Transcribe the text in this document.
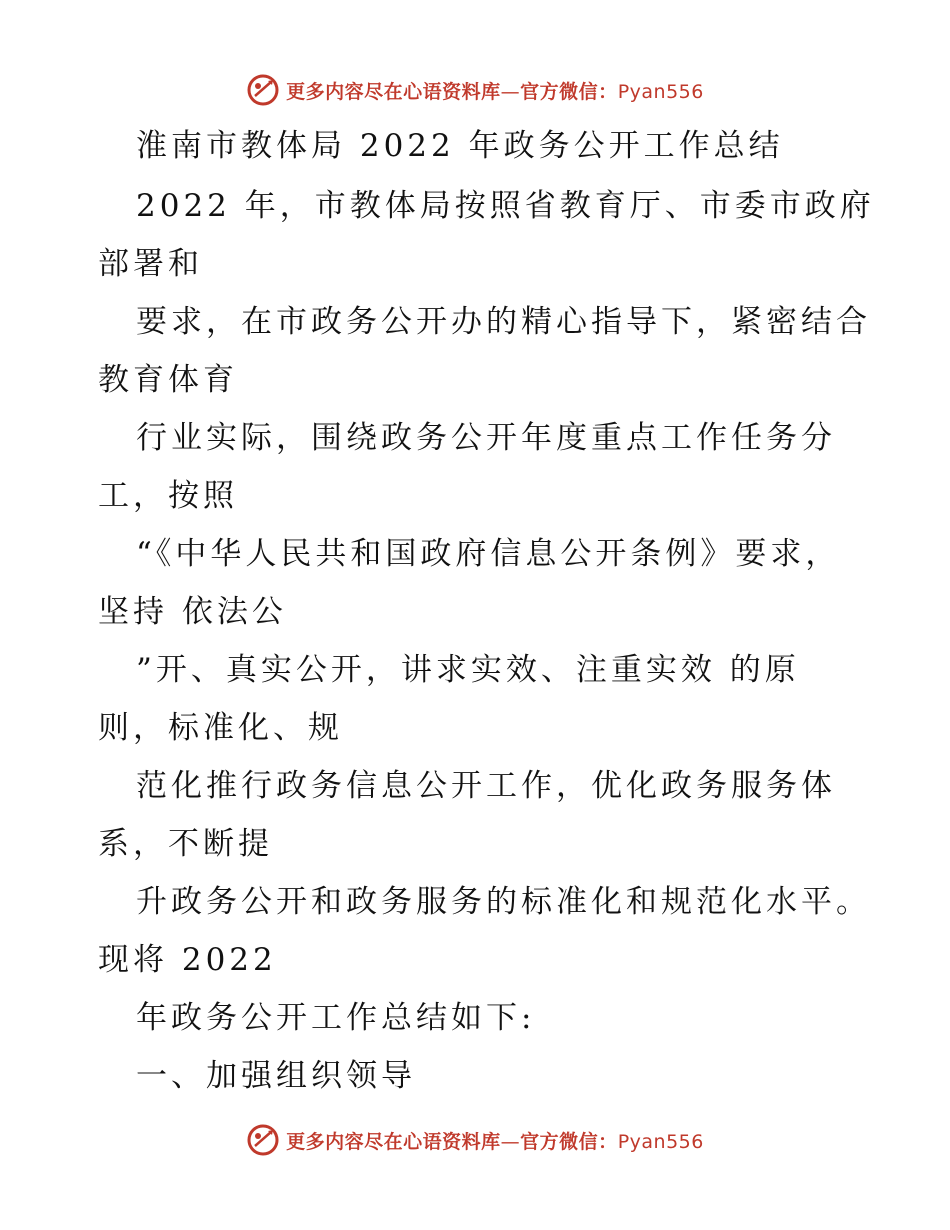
更多内容尽在心语资料库—官方微信：Pyan556
淮南市教体局 2022 年政务公开工作总结
2022 年，市教体局按照省教育厅、市委市政府
部署和
要求，在市政务公开办的精心指导下，紧密结合
教育体育
行业实际，围绕政务公开年度重点工作任务分
工，按照
“《中华人民共和国政府信息公开条例》要求，
坚持 依法公
”开、真实公开，讲求实效、注重实效 的原
则，标准化、规
范化推行政务信息公开工作，优化政务服务体
系，不断提
升政务公开和政务服务的标准化和规范化水平。
现将 2022
年政务公开工作总结如下:
一、加强组织领导
更多内容尽在心语资料库—官方微信：Pyan556
